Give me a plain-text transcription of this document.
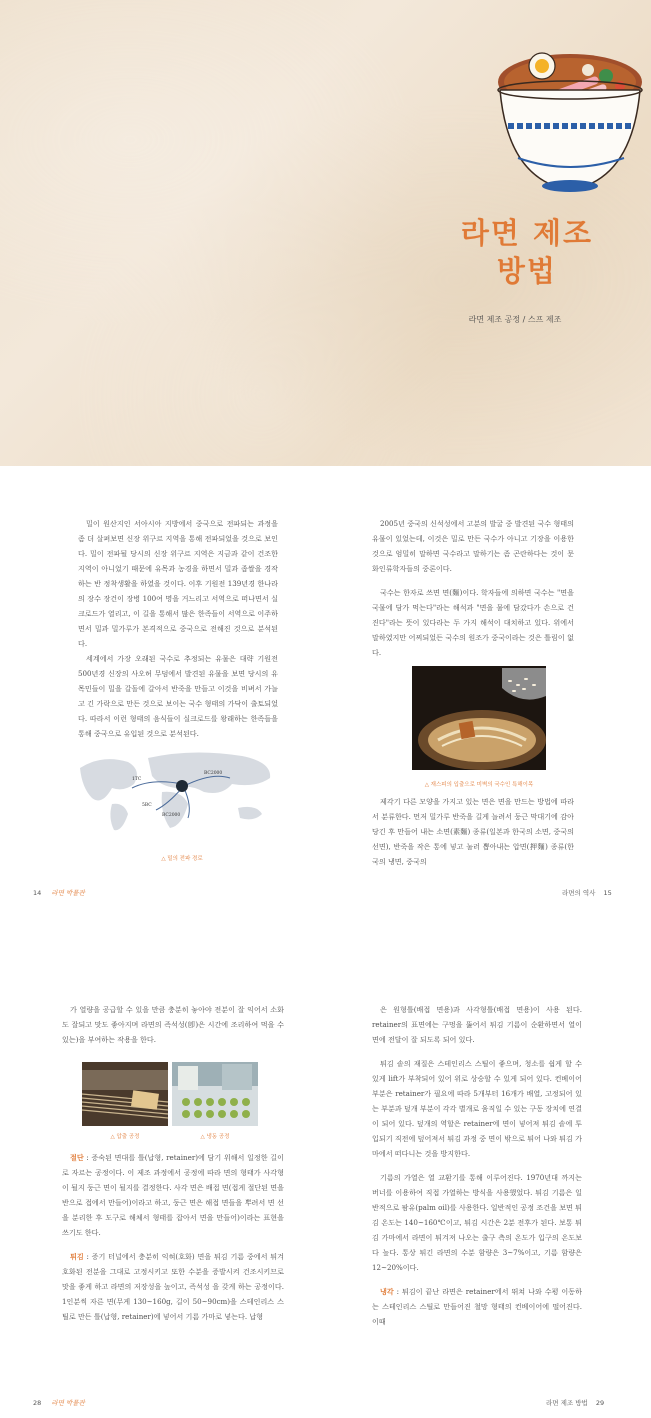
라면 제조
방법
라면 제조 공정 / 스프 제조

밀이 원산지인 서아시아 지방에서 중국으로 전파되는 과정을 좀 더 살펴보면 신장 위구르 지역을 통해 전파되었을 것으로 보인다. 밀이 전파될 당시의 신장 위구르 지역은 지금과 같이 건조한 지역이 아니었기 때문에 유목과 농경을 하면서 밀과 좁쌀을 경작하는 반 정착생활을 하였을 것이다. 이후 기원전 139년경 한나라의 장수 장건이 장병 100여 명을 거느리고 서역으로 떠나면서 실크로드가 열리고, 이 길을 통해서 많은 한족들이 서역으로 이주하면서 밀과 밀가루가 본격적으로 중국으로 전해진 것으로 분석된다.

세계에서 가장 오래된 국수로 추정되는 유물은 대략 기원전 500년경 신장의 사오허 무덤에서 발견된 유물을 보면 당시의 유목민들이 밀을 갈돌에 갈아서 반죽을 만들고 이것을 비벼서 가늘고 긴 가락으로 만든 것으로 보이는 국수 형태의 가닥이 출토되었다. 따라서 이런 형태의 음식들이 실크로드를 왕래하는 한족들을 통해 중국으로 유입된 것으로 분석된다.

1TC
BC2000
5BC
BC2000
△ 밀의 전파 경로
14 라면 박물관

2005년 중국의 신석성에서 고분의 발굴 중 발견된 국수 형태의 유물이 있었는데, 이것은 밀로 만든 국수가 아니고 기장을 이용한 것으로 엄밀히 말하면 국수라고 말하기는 좀 곤란하다는 것이 문화인류학자들의 중론이다.

국수는 한자로 쓰면 면(麵)이다. 학자들에 의하면 국수는 "면을 국물에 담가 먹는다"라는 해석과 "면을 물에 담갔다가 손으로 건진다"라는 뜻이 있다라는 두 가지 해석이 대치하고 있다. 위에서 말하였지만 어찌되었든 국수의 원조가 중국이라는 것은 틀림이 없다.

△ 재스피의 입출으로 미벽의 국수인 특해이목

제각기 다른 모양을 가지고 있는 면은 면을 만드는 방법에 따라서 분류한다. 먼저 밀가루 반죽을 길게 늘려서 둥근 막대기에 감아 당긴 후 만들어 내는 소면(素麵) 종류(일본과 한국의 소면, 중국의 선면), 반죽을 작은 통에 넣고 눌러 뽑아내는 압면(押麵) 종류(한국의 냉면, 중국의

라면의 역사 15

가 열량을 공급할 수 있을 만큼 충분히 놓아야 전분이 잘 익어서 소화도 잘되고 맛도 좋아지며 라면의 즉석성(卽)은 시간에 조리하여 먹을 수 있는)을 부여하는 작용을 한다.

△ 압출 공정	△ 냉동 공정

절단 : 증숙된 면대를 틀(납형, retainer)에 담기 위해서 일정한 길이로 자르는 공정이다. 이 제조 과정에서 공정에 따라 면의 형태가 사각형이 될지 둥근 면이 될지를 결정한다. 사각 면은 배접 면(접게 절단된 면을 반으로 접에서 만들어)이라고 하고, 둥근 면은 해접 면들을 뿌려서 면 선을 분리한 후 도구로 해체서 형태를 잡아서 면을 만들어)이라는 표현을 쓰기도 한다.

튀김 : 증기 터널에서 충분히 익혀(호화) 면을 튀김 기름 중에서 튀겨 호화된 전분을 그대로 고정시키고 또한 수분을 증발시켜 건조시키므로 맛을 좋게 하고 라면의 저장성을 높이고, 즉석성 을 갖게 하는 공정이다. 1인분씩 자른 면(무게 130~160g, 길이 50~90cm)을 스테인리스 스틸로 만든 틀(납형, retainer)에 넣어서 기름 가마로 넣는다. 납형

28 라면 박물관

은 원형틀(배접 면용)과 사각형틀(배접 면용)이 사용 된다. retainer의 표면에는 구멍을 뚫어서 튀김 기름이 순환하면서 열이 면에 전달이 잘 되도록 되어 있다.

튀김 솥의 재질은 스테인리스 스틸이 좋으며, 청소를 쉽게 할 수 있게 lift가 부착되어 있어 위로 상승할 수 있게 되어 있다. 컨베이어 부분은 retainer가 필요에 따라 5개부터 16개가 배열, 고정되어 있는 부분과 덮개 부분이 각각 별개로 움직일 수 있는 구동 장치에 연결이 되어 있다. 덮개의 역할은 retainer에 면이 넣어져 튀김 솥에 투입되기 직전에 덮어져서 튀김 과정 중 면이 밖으로 튀어 나와 튀김 가마에서 떠다니는 것을 방지한다.

기름의 가열은 열 교환기를 통해 이루어진다. 1970년대 까지는 버너를 이용하여 직접 가열하는 방식을 사용했었다. 튀김 기름은 일반적으로 팜유(palm oil)를 사용한다. 일반적인 공정 조건을 보면 튀김 온도는 140~160℃이고, 튀김 시간은 2분 전후가 된다. 보통 튀김 가마에서 라면이 튀겨져 나오는 출구 측의 온도가 입구의 온도보다 높다. 통상 튀긴 라면의 수분 함량은 3~7%이고, 기름 함량은 12~20%이다.

냉각 : 튀김이 끝난 라면은 retainer에서 뛰쳐 나와 수평 이동하는 스테인리스 스틸로 만들어진 철망 형태의 컨베이어에 떨어진다. 이때

라면 제조 방법 29
